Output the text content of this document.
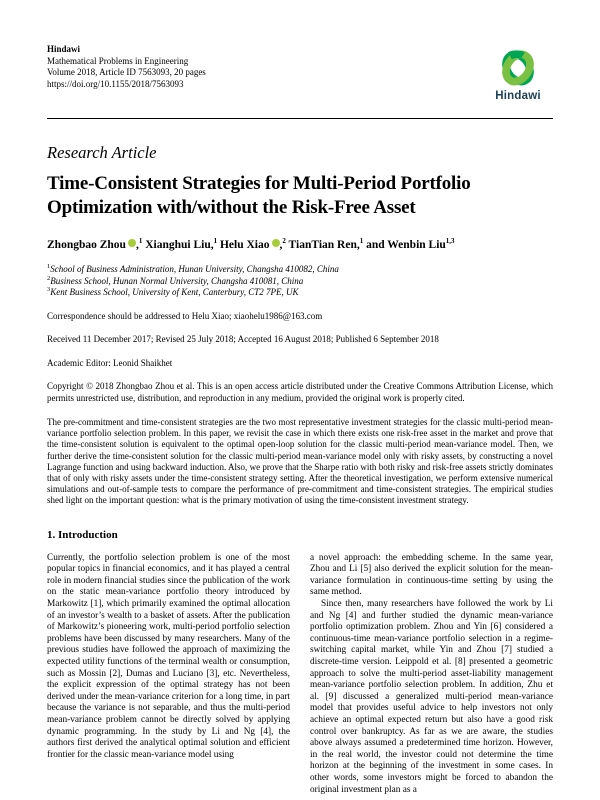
Hindawi
Mathematical Problems in Engineering
Volume 2018, Article ID 7563093, 20 pages
https://doi.org/10.1155/2018/7563093
Hindawi
Research Article
Time-Consistent Strategies for Multi-Period Portfolio Optimization with/without the Risk-Free Asset

Zhongbao Zhou ,$^1$ Xianghui Liu,$^1$ Helu Xiao ,$^2$ TianTian Ren,$^1$ and Wenbin Liu$^{1,3}$

$^1$School of Business Administration, Hunan University, Changsha 410082, China
$^2$Business School, Hunan Normal University, Changsha 410081, China
$^3$Kent Business School, University of Kent, Canterbury, CT2 7PE, UK

Correspondence should be addressed to Helu Xiao; xiaohelu1986@163.com

Received 11 December 2017; Revised 25 July 2018; Accepted 16 August 2018; Published 6 September 2018

Academic Editor: Leonid Shaikhet

Copyright © 2018 Zhongbao Zhou et al. This is an open access article distributed under the Creative Commons Attribution License, which permits unrestricted use, distribution, and reproduction in any medium, provided the original work is properly cited.

The pre-commitment and time-consistent strategies are the two most representative investment strategies for the classic multi-period mean-variance portfolio selection problem. In this paper, we revisit the case in which there exists one risk-free asset in the market and prove that the time-consistent solution is equivalent to the optimal open-loop solution for the classic multi-period mean-variance model. Then, we further derive the time-consistent solution for the classic multi-period mean-variance model only with risky assets, by constructing a novel Lagrange function and using backward induction. Also, we prove that the Sharpe ratio with both risky and risk-free assets strictly dominates that of only with risky assets under the time-consistent strategy setting. After the theoretical investigation, we perform extensive numerical simulations and out-of-sample tests to compare the performance of pre-commitment and time-consistent strategies. The empirical studies shed light on the important question: what is the primary motivation of using the time-consistent investment strategy.

1. Introduction

Currently, the portfolio selection problem is one of the most popular topics in financial economics, and it has played a central role in modern financial studies since the publication of the work on the static mean-variance portfolio theory introduced by Markowitz [1], which primarily examined the optimal allocation of an investor’s wealth to a basket of assets. After the publication of Markowitz’s pioneering work, multi-period portfolio selection problems have been discussed by many researchers. Many of the previous studies have followed the approach of maximizing the expected utility functions of the terminal wealth or consumption, such as Mossin [2], Dumas and Luciano [3], etc. Nevertheless, the explicit expression of the optimal strategy has not been derived under the mean-variance criterion for a long time, in part because the variance is not separable, and thus the multi-period mean-variance problem cannot be directly solved by applying dynamic programming. In the study by Li and Ng [4], the authors first derived the analytical optimal solution and efficient frontier for the classic mean-variance model using

a novel approach: the embedding scheme. In the same year, Zhou and Li [5] also derived the explicit solution for the mean-variance formulation in continuous-time setting by using the same method.

Since then, many researchers have followed the work by Li and Ng [4] and further studied the dynamic mean-variance portfolio optimization problem. Zhou and Yin [6] considered a continuous-time mean-variance portfolio selection in a regime-switching capital market, while Yin and Zhou [7] studied a discrete-time version. Leippold et al. [8] presented a geometric approach to solve the multi-period asset-liability management mean-variance portfolio selection problem. In addition, Zhu et al. [9] discussed a generalized multi-period mean-variance model that provides useful advice to help investors not only achieve an optimal expected return but also have a good risk control over bankruptcy. As far as we are aware, the studies above always assumed a predetermined time horizon. However, in the real world, the investor could not determine the time horizon at the beginning of the investment in some cases. In other words, some investors might be forced to abandon the original investment plan as a
